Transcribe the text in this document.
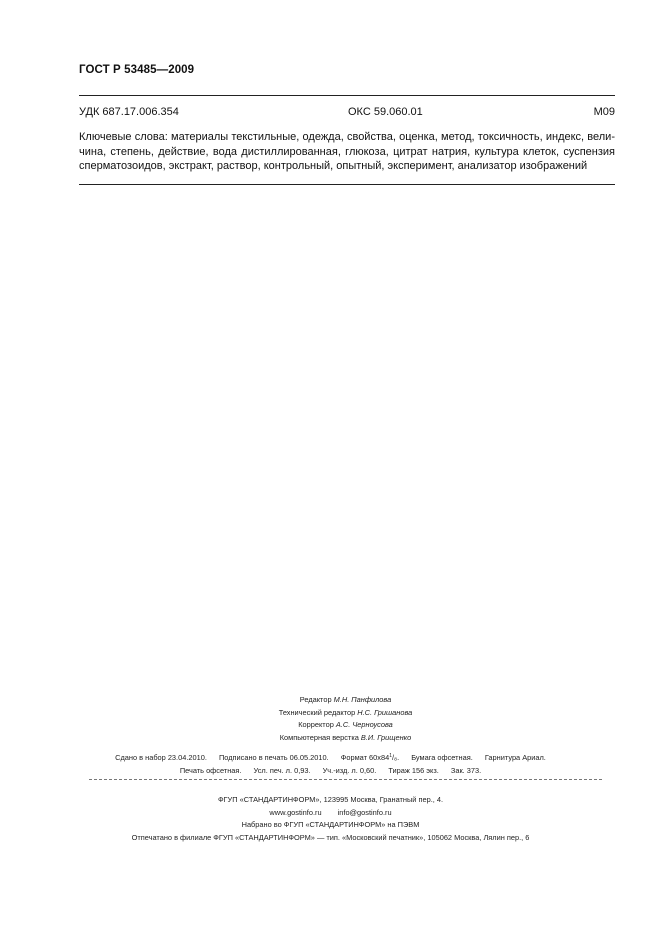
ГОСТ Р 53485—2009
УДК 687.17.006.354	ОКС 59.060.01	М09
Ключевые слова: материалы текстильные, одежда, свойства, оценка, метод, токсичность, индекс, вели-
чина, степень, действие, вода дистиллированная, глюкоза, цитрат натрия, культура клеток, суспензия
сперматозоидов, экстракт, раствор, контрольный, опытный, эксперимент, анализатор изображений
Редактор М.Н. Панфилова
Технический редактор Н.С. Гришанова
Корректор А.С. Черноусова
Компьютерная верстка В.И. Грищенко
Сдано в набор 23.04.2010. Подписано в печать 06.05.2010. Формат $60х84^1/_8$. Бумага офсетная. Гарнитура Ариал.
Печать офсетная. Усл. печ. л. 0,93. Уч.-изд. л. 0,60. Тираж 156 экз. Зак. 373.
ФГУП «СТАНДАРТИНФОРМ», 123995 Москва, Гранатный пер., 4.
www.gostinfo.ru info@gostinfo.ru
Набрано во ФГУП «СТАНДАРТИНФОРМ» на ПЭВМ
Отпечатано в филиале ФГУП «СТАНДАРТИНФОРМ» — тип. «Московский печатник», 105062 Москва, Лялин пер., 6
